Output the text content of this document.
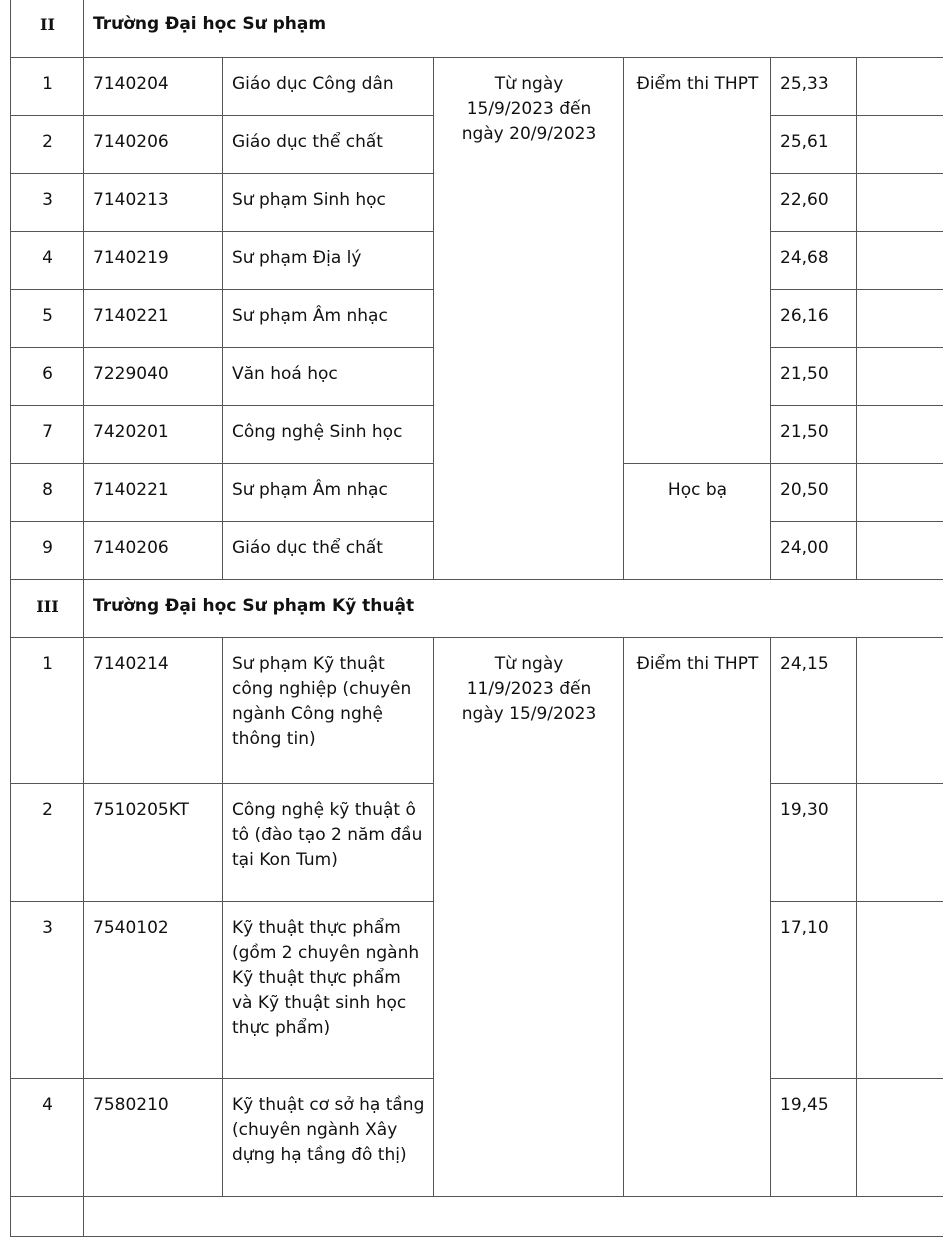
II	Trường Đại học Sư phạm					
1	7140204	Giáo dục Công dân	Từ ngày
15/9/2023 đến
ngày 20/9/2023	Điểm thi THPT	25,33	
2	7140206	Giáo dục thể chất			25,61	
3	7140213	Sư phạm Sinh học			22,60	
4	7140219	Sư phạm Địa lý			24,68	
5	7140221	Sư phạm Âm nhạc			26,16	
6	7229040	Văn hoá học			21,50	
7	7420201	Công nghệ Sinh học			21,50	
8	7140221	Sư phạm Âm nhạc		Học bạ	20,50	
9	7140206	Giáo dục thể chất			24,00	
III	Trường Đại học Sư phạm Kỹ thuật					
1	7140214	Sư phạm Kỹ thuật
công nghiệp (chuyên
ngành Công nghệ
thông tin)	Từ ngày
11/9/2023 đến
ngày 15/9/2023	Điểm thi THPT	24,15	
2	7510205KT	Công nghệ kỹ thuật ô
tô (đào tạo 2 năm đầu
tại Kon Tum)			19,30	
3	7540102	Kỹ thuật thực phẩm
(gồm 2 chuyên ngành
Kỹ thuật thực phẩm
và Kỹ thuật sinh học
thực phẩm)			17,10	
4	7580210	Kỹ thuật cơ sở hạ tầng
(chuyên ngành Xây
dựng hạ tầng đô thị)			19,45	
